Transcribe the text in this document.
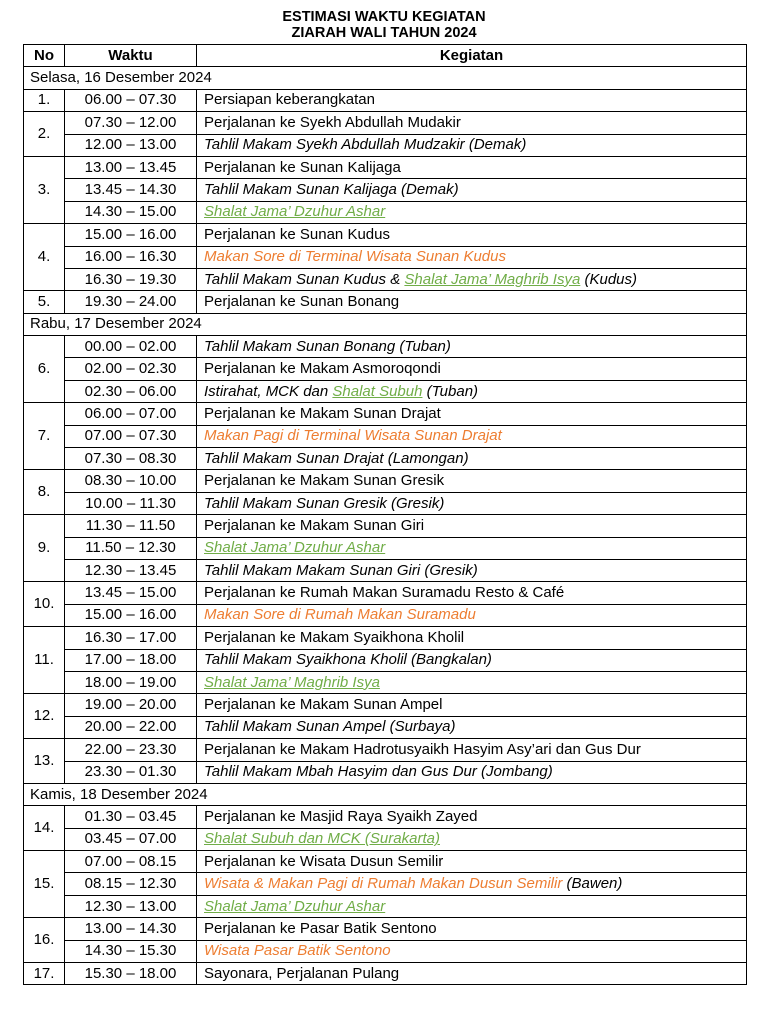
ESTIMASI WAKTU KEGIATAN
ZIARAH WALI TAHUN 2024
No	Waktu	Kegiatan
Selasa, 16 Desember 2024		
1.	06.00 – 07.30	Persiapan keberangkatan
2.	07.30 – 12.00	Perjalanan ke Syekh Abdullah Mudakir
	12.00 – 13.00	Tahlil Makam Syekh Abdullah Mudzakir (Demak)
3.	13.00 – 13.45	Perjalanan ke Sunan Kalijaga
	13.45 – 14.30	Tahlil Makam Sunan Kalijaga (Demak)
	14.30 – 15.00	Shalat Jama’ Dzuhur Ashar
4.	15.00 – 16.00	Perjalanan ke Sunan Kudus
	16.00 – 16.30	Makan Sore di Terminal Wisata Sunan Kudus
	16.30 – 19.30	Tahlil Makam Sunan Kudus & Shalat Jama’ Maghrib Isya (Kudus)
5.	19.30 – 24.00	Perjalanan ke Sunan Bonang
Rabu, 17 Desember 2024		
6.	00.00 – 02.00	Tahlil Makam Sunan Bonang (Tuban)
	02.00 – 02.30	Perjalanan ke Makam Asmoroqondi
	02.30 – 06.00	Istirahat, MCK dan Shalat Subuh (Tuban)
7.	06.00 – 07.00	Perjalanan ke Makam Sunan Drajat
	07.00 – 07.30	Makan Pagi di Terminal Wisata Sunan Drajat
	07.30 – 08.30	Tahlil Makam Sunan Drajat (Lamongan)
8.	08.30 – 10.00	Perjalanan ke Makam Sunan Gresik
	10.00 – 11.30	Tahlil Makam Sunan Gresik (Gresik)
9.	11.30 – 11.50	Perjalanan ke Makam Sunan Giri
	11.50 – 12.30	Shalat Jama’ Dzuhur Ashar
	12.30 – 13.45	Tahlil Makam Makam Sunan Giri (Gresik)
10.	13.45 – 15.00	Perjalanan ke Rumah Makan Suramadu Resto & Café
	15.00 – 16.00	Makan Sore di Rumah Makan Suramadu
11.	16.30 – 17.00	Perjalanan ke Makam Syaikhona Kholil
	17.00 – 18.00	Tahlil Makam Syaikhona Kholil (Bangkalan)
	18.00 – 19.00	Shalat Jama’ Maghrib Isya
12.	19.00 – 20.00	Perjalanan ke Makam Sunan Ampel
	20.00 – 22.00	Tahlil Makam Sunan Ampel (Surbaya)
13.	22.00 – 23.30	Perjalanan ke Makam Hadrotusyaikh Hasyim Asy’ari dan Gus Dur
	23.30 – 01.30	Tahlil Makam Mbah Hasyim dan Gus Dur (Jombang)
Kamis, 18 Desember 2024		
14.	01.30 – 03.45	Perjalanan ke Masjid Raya Syaikh Zayed
	03.45 – 07.00	Shalat Subuh dan MCK (Surakarta)
15.	07.00 – 08.15	Perjalanan ke Wisata Dusun Semilir
	08.15 – 12.30	Wisata & Makan Pagi di Rumah Makan Dusun Semilir (Bawen)
	12.30 – 13.00	Shalat Jama’ Dzuhur Ashar
16.	13.00 – 14.30	Perjalanan ke Pasar Batik Sentono
	14.30 – 15.30	Wisata Pasar Batik Sentono
17.	15.30 – 18.00	Sayonara, Perjalanan Pulang
